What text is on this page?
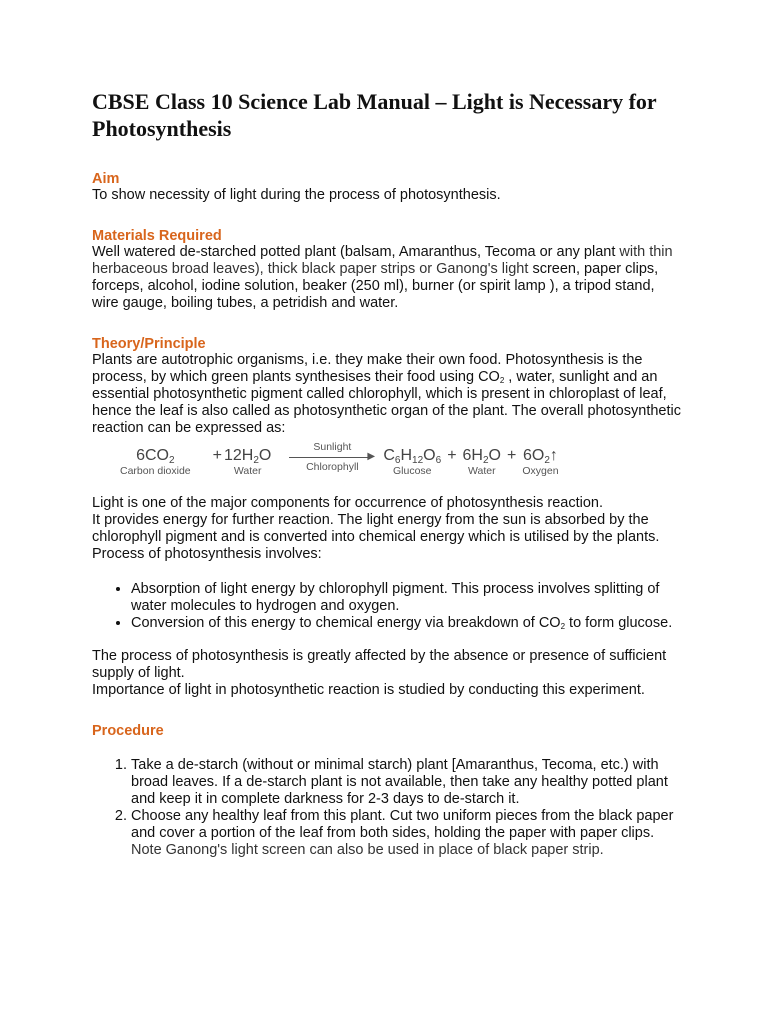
CBSE Class 10 Science Lab Manual – Light is Necessary for Photosynthesis
Aim

To show necessity of light during the process of photosynthesis.

Materials Required

Well watered de-starched potted plant (balsam, Amaranthus, Tecoma or any plant with thin herbaceous broad leaves), thick black paper strips or Ganong's light screen, paper clips, forceps, alcohol, iodine solution, beaker (250 ml), burner (or spirit lamp ), a tripod stand, wire gauge, boiling tubes, a petridish and water.

Theory/Principle

Plants are autotrophic organisms, i.e. they make their own food. Photosynthesis is the process, by which green plants synthesises their food using $CO_2$ , water, sunlight and an essential photosynthetic pigment called chlorophyll, which is present in chloroplast of leaf, hence the leaf is also called as photosynthetic organ of the plant. The overall photosynthetic reaction can be expressed as:

$6CO_2$
Carbon dioxide
+ $12H_2O$
Water
Sunlight
▶
Chlorophyll
$C_6H_{12}O_6$
Glucose
+ $6H_2O$
Water
+ $6O_2↑$
Oxygen

Light is one of the major components for occurrence of photosynthesis reaction.

It provides energy for further reaction. The light energy from the sun is absorbed by the chlorophyll pigment and is converted into chemical energy which is utilised by the plants.

Process of photosynthesis involves:

• Absorption of light energy by chlorophyll pigment. This process involves splitting of water molecules to hydrogen and oxygen.
• Conversion of this energy to chemical energy via breakdown of $CO_2$ to form glucose.

The process of photosynthesis is greatly affected by the absence or presence of sufficient supply of light.

Importance of light in photosynthetic reaction is studied by conducting this experiment.

Procedure
1. Take a de-starch (without or minimal starch) plant [Amaranthus, Tecoma, etc.) with broad leaves. If a de-starch plant is not available, then take any healthy potted plant and keep it in complete darkness for 2-3 days to de-starch it.
2. Choose any healthy leaf from this plant. Cut two uniform pieces from the black paper and cover a portion of the leaf from both sides, holding the paper with paper clips.
Note Ganong's light screen can also be used in place of black paper strip.
